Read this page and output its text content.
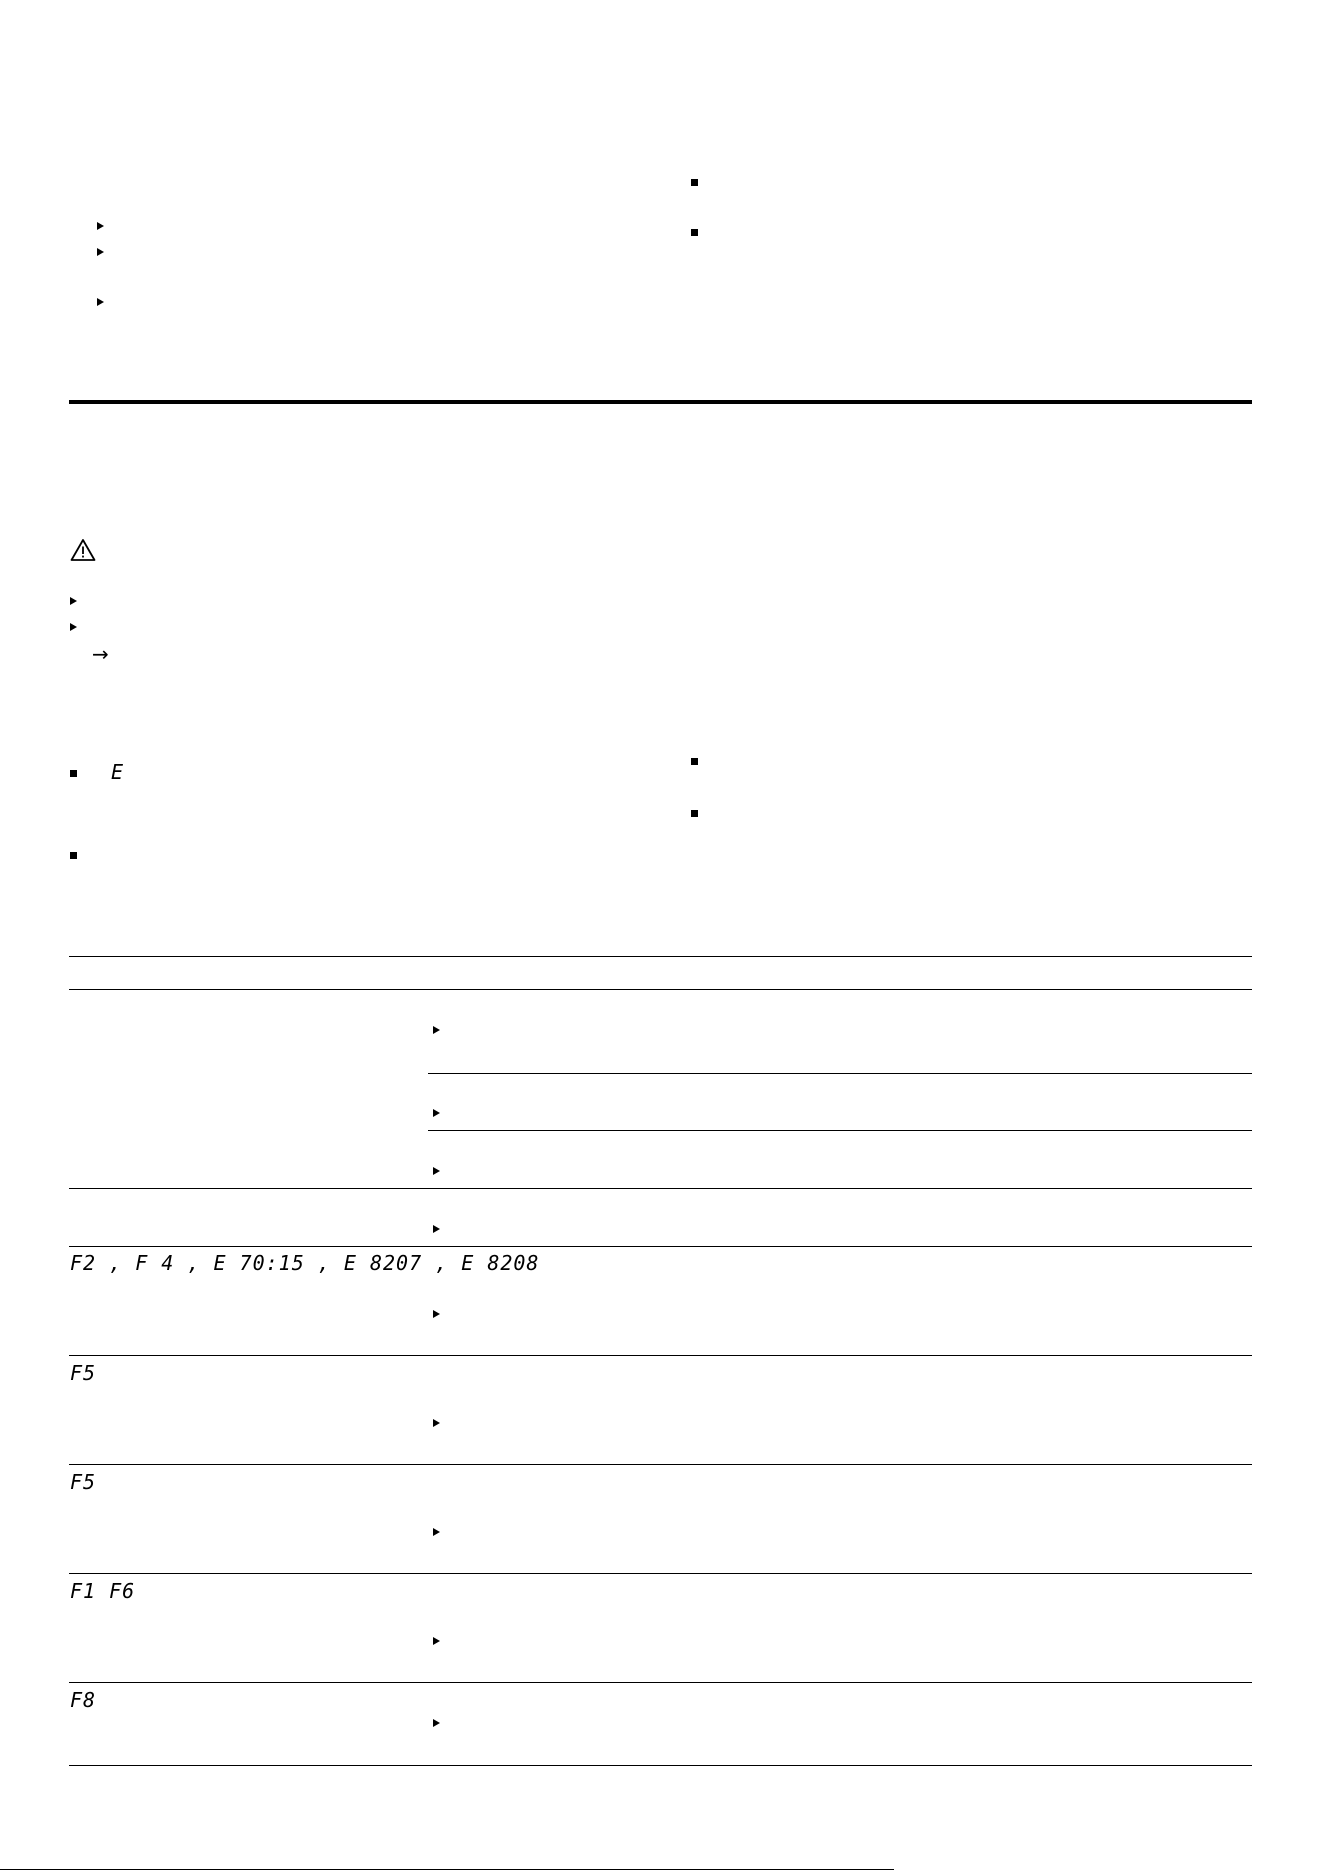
→
E
F2 , F 4 , E 70:15 , E 8207 , E 8208
F5
F5
F1 F6
F8
